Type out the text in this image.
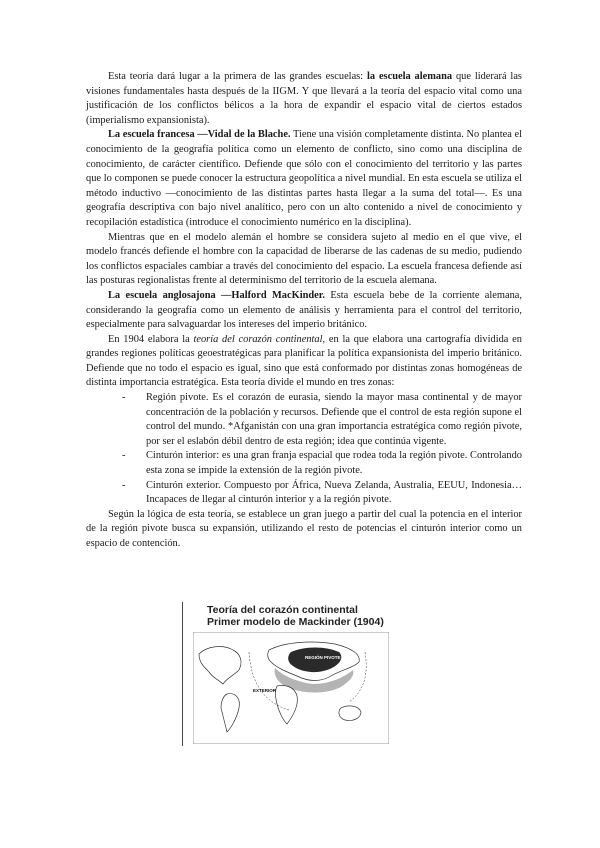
Esta teoría dará lugar a la primera de las grandes escuelas: la escuela alemana que liderará las visiones fundamentales hasta después de la IIGM. Y que llevará a la teoría del espacio vital como una justificación de los conflictos bélicos a la hora de expandir el espacio vital de ciertos estados (imperialismo expansionista).

La escuela francesa —Vidal de la Blache. Tiene una visión completamente distinta. No plantea el conocimiento de la geografía política como un elemento de conflicto, sino como una disciplina de conocimiento, de carácter científico. Defiende que sólo con el conocimiento del territorio y las partes que lo componen se puede conocer la estructura geopolítica a nivel mundial. En esta escuela se utiliza el método inductivo —conocimiento de las distintas partes hasta llegar a la suma del total—. Es una geografía descriptiva con bajo nivel analítico, pero con un alto contenido a nivel de conocimiento y recopilación estadística (introduce el conocimiento numérico en la disciplina).

Mientras que en el modelo alemán el hombre se considera sujeto al medio en el que vive, el modelo francés defiende el hombre con la capacidad de liberarse de las cadenas de su medio, pudiendo los conflictos espaciales cambiar a través del conocimiento del espacio. La escuela francesa defiende así las posturas regionalistas frente al determinismo del territorio de la escuela alemana.

La escuela anglosajona —Halford MacKinder. Esta escuela bebe de la corriente alemana, considerando la geografía como un elemento de análisis y herramienta para el control del territorio, especialmente para salvaguardar los intereses del imperio británico.

En 1904 elabora la teoría del corazón continental, en la que elabora una cartografía dividida en grandes regiones políticas geoestratégicas para planificar la política expansionista del imperio británico. Defiende que no todo el espacio es igual, sino que está conformado por distintas zonas homogéneas de distinta importancia estratégica. Esta teoría divide el mundo en tres zonas:

- Región pivote. Es el corazón de eurasia, siendo la mayor masa continental y de mayor concentración de la población y recursos. Defiende que el control de esta región supone el control del mundo. *Afganistán con una gran importancia estratégica como región pivote, por ser el eslabón débil dentro de esta región; idea que continúa vigente.
- Cinturón interior: es una gran franja espacial que rodea toda la región pivote. Controlando esta zona se impide la extensión de la región pivote.
- Cinturón exterior. Compuesto por África, Nueva Zelanda, Australia, EEUU, Indonesia… Incapaces de llegar al cinturón interior y a la región pivote.

Según la lógica de esta teoría, se establece un gran juego a partir del cual la potencia en el interior de la región pivote busca su expansión, utilizando el resto de potencias el cinturón interior como un espacio de contención.

Teoría del corazón continental
Primer modelo de Mackinder (1904)
REGIÓN PIVOTE
EXTERIOR
